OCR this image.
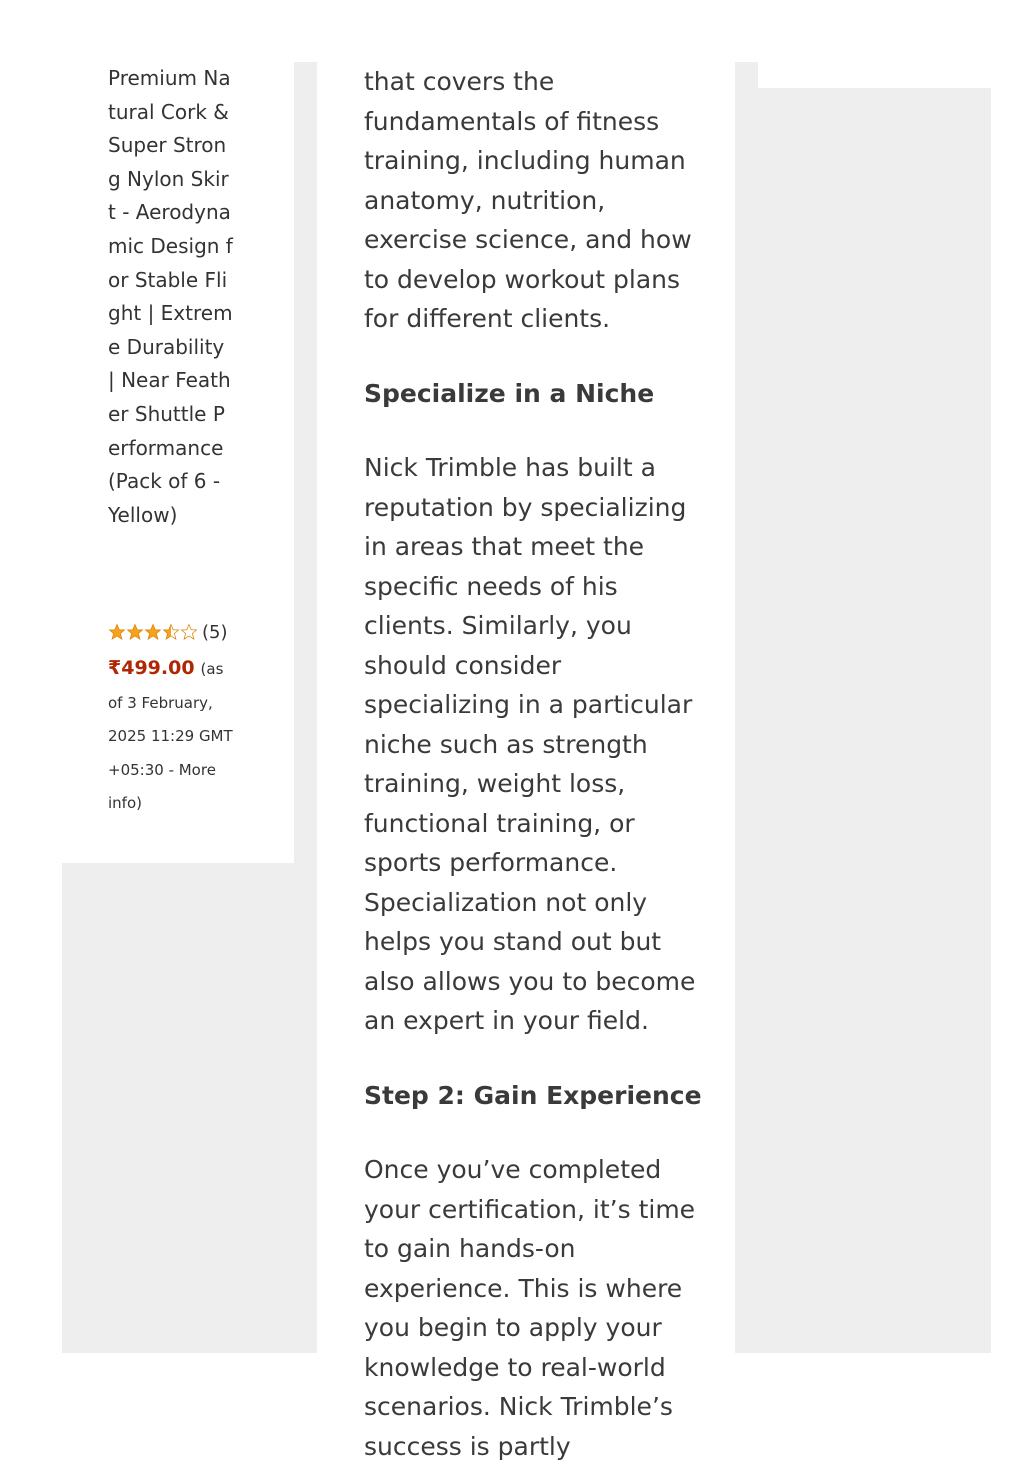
Premium Natural Cork & Super Strong Nylon Skirt - Aerodynamic Design for Stable Flight | Extreme Durability | Near Feather Shuttle Performance (Pack of 6 - Yellow)

(5)
₹499.00 (as of 3 February, 2025 11:29 GMT +05:30 - More info)

that covers the fundamentals of fitness training, including human anatomy, nutrition, exercise science, and how to develop workout plans for different clients.

Specialize in a Niche

Nick Trimble has built a reputation by specializing in areas that meet the specific needs of his clients. Similarly, you should consider specializing in a particular niche such as strength training, weight loss, functional training, or sports performance. Specialization not only helps you stand out but also allows you to become an expert in your field.

Step 2: Gain Experience

Once you’ve completed your certification, it’s time to gain hands-on experience. This is where you begin to apply your knowledge to real-world scenarios. Nick Trimble’s success is partly
